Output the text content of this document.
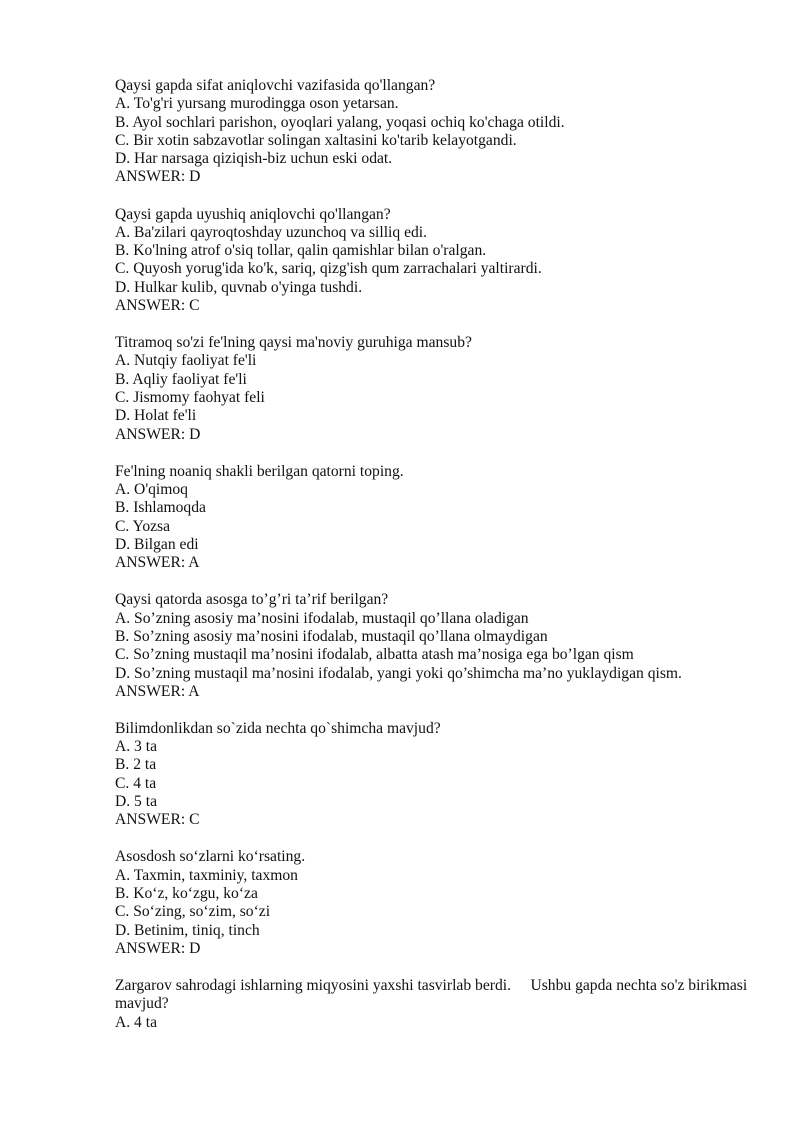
Qaysi gapda sifat aniqlovchi vazifasida qo'llangan?
A. To'g'ri yursang murodingga oson yetarsan.
B. Ayol sochlari parishon, oyoqlari yalang, yoqasi ochiq ko'chaga otildi.
C. Bir xotin sabzavotlar solingan xaltasini ko'tarib kelayotgandi.
D. Har narsaga qiziqish-biz uchun eski odat.
ANSWER: D
Qaysi gapda uyushiq aniqlovchi qo'llangan?
A. Ba'zilari qayroqtoshday uzunchoq va silliq edi.
B. Ko'lning atrof o'siq tollar, qalin qamishlar bilan o'ralgan.
C. Quyosh yorug'ida ko'k, sariq, qizg'ish qum zarrachalari yaltirardi.
D. Hulkar kulib, quvnab o'yinga tushdi.
ANSWER: C
Titramoq so'zi fe'lning qaysi ma'noviy guruhiga mansub?
A. Nutqiy faoliyat fe'li
B. Aqliy faoliyat fe'li
C. Jismomy faohyat feli
D. Holat fe'li
ANSWER: D
Fe'lning noaniq shakli berilgan qatorni toping.
A. O'qimoq
B. Ishlamoqda
C. Yozsa
D. Bilgan edi
ANSWER: A
Qaysi qatorda asosga to’g’ri ta’rif berilgan?
A. So’zning asosiy ma’nosini ifodalab, mustaqil qo’llana oladigan
B. So’zning asosiy ma’nosini ifodalab, mustaqil qo’llana olmaydigan
C. So’zning mustaqil ma’nosini ifodalab, albatta atash ma’nosiga ega bo’lgan qism
D. So’zning mustaqil ma’nosini ifodalab, yangi yoki qo’shimcha ma’no yuklaydigan qism.
ANSWER: A
Bilimdonlikdan so`zida nechta qo`shimcha mavjud?
A. 3 ta
B. 2 ta
C. 4 ta
D. 5 ta
ANSWER: C
Asosdosh so‘zlarni ko‘rsating.
A. Taxmin, taxminiy, taxmon
B. Ko‘z, ko‘zgu, ko‘za
C. So‘zing, so‘zim, so‘zi
D. Betinim, tiniq, tinch
ANSWER: D
Zargarov sahrodagi ishlarning miqyosini yaxshi tasvirlab berdi.     Ushbu gapda nechta so'z birikmasi mavjud?
A. 4 ta
